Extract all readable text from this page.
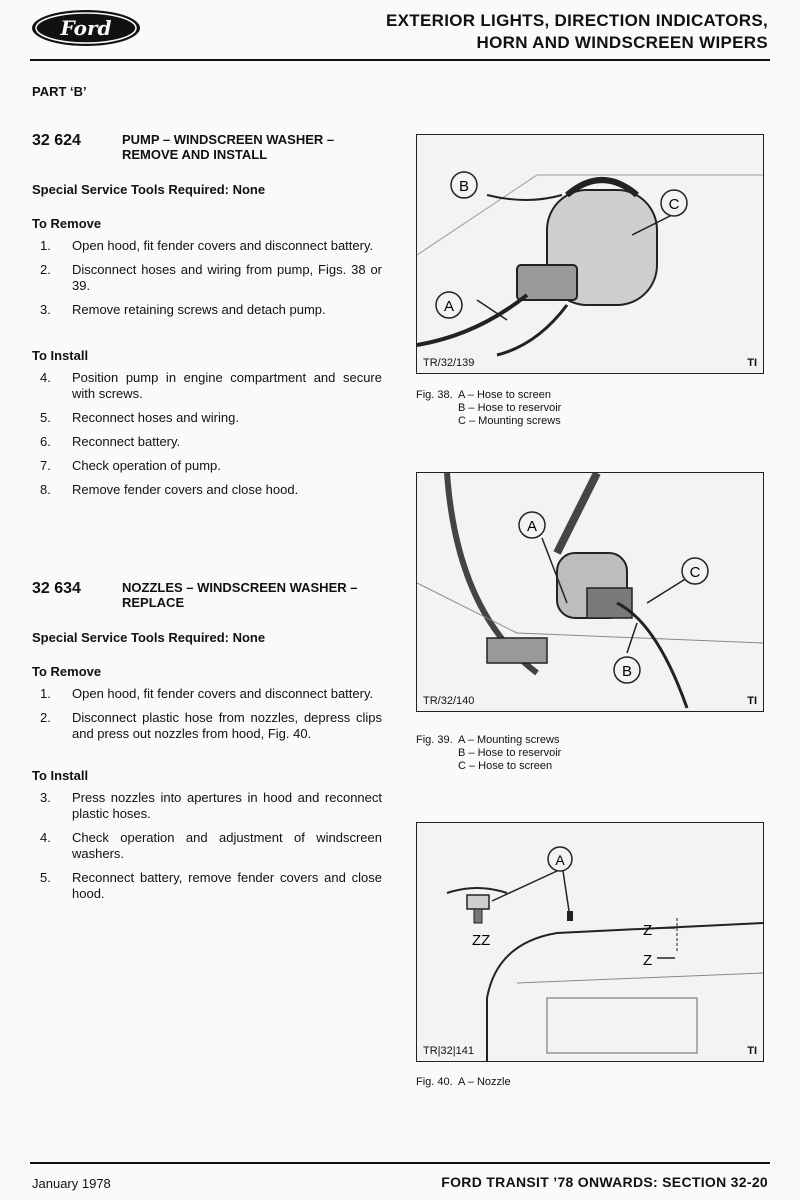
Ford	EXTERIOR LIGHTS, DIRECTION INDICATORS,
HORN AND WINDSCREEN WIPERS
PART ‘B’
32 624	PUMP – WINDSCREEN WASHER – REMOVE AND INSTALL
Special Service Tools Required: None
To Remove
1.	Open hood, fit fender covers and disconnect battery.
2.	Disconnect hoses and wiring from pump, Figs. 38 or 39.
3.	Remove retaining screws and detach pump.
To Install
4.	Position pump in engine compartment and secure with screws.
5.	Reconnect hoses and wiring.
6.	Reconnect battery.
7.	Check operation of pump.
8.	Remove fender covers and close hood.
32 634	NOZZLES – WINDSCREEN WASHER – REPLACE
Special Service Tools Required: None
To Remove
1.	Open hood, fit fender covers and disconnect battery.
2.	Disconnect plastic hose from nozzles, depress clips and press out nozzles from hood, Fig. 40.
To Install
3.	Press nozzles into apertures in hood and reconnect plastic hoses.
4.	Check operation and adjustment of windscreen washers.
5.	Reconnect battery, remove fender covers and close hood.
B
C
A
TR/32/139	TI
Fig. 38. A – Hose to screen
B – Hose to reservoir
C – Mounting screws
A
C
B
TR/32/140	TI
Fig. 39. A – Mounting screws
B – Hose to reservoir
C – Hose to screen
A
ZZ
Z
Z
TR|32|141	TI
Fig. 40. A – Nozzle
January 1978	FORD TRANSIT ’78 ONWARDS: SECTION 32-20
